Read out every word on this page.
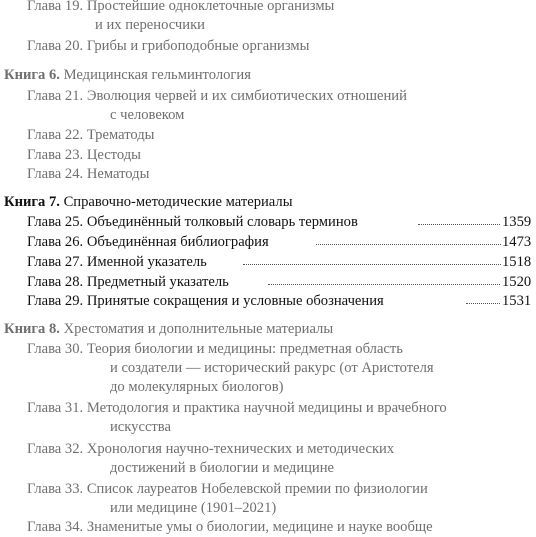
Глава 19. Простейшие одноклеточные организмы
и их переносчики
Глава 20. Грибы и грибоподобные организмы
Книга 6. Медицинская гельминтология
Глава 21. Эволюция червей и их симбиотических отношений
с человеком
Глава 22. Трематоды
Глава 23. Цестоды
Глава 24. Нематоды
Книга 7. Справочно-методические материалы
Глава 25. Объединённый толковый словарь терминов	1359
Глава 26. Объединённая библиография	1473
Глава 27. Именной указатель	1518
Глава 28. Предметный указатель	1520
Глава 29. Принятые сокращения и условные обозначения	1531
Книга 8. Хрестоматия и дополнительные материалы
Глава 30. Теория биологии и медицины: предметная область
и создатели — исторический ракурс (от Аристотеля
до молекулярных биологов)
Глава 31. Методология и практика научной медицины и врачебного
искусства
Глава 32. Хронология научно-технических и методических
достижений в биологии и медицине
Глава 33. Список лауреатов Нобелевской премии по физиологии
или медицине (1901–2021)
Глава 34. Знаменитые умы о биологии, медицине и науке вообще
